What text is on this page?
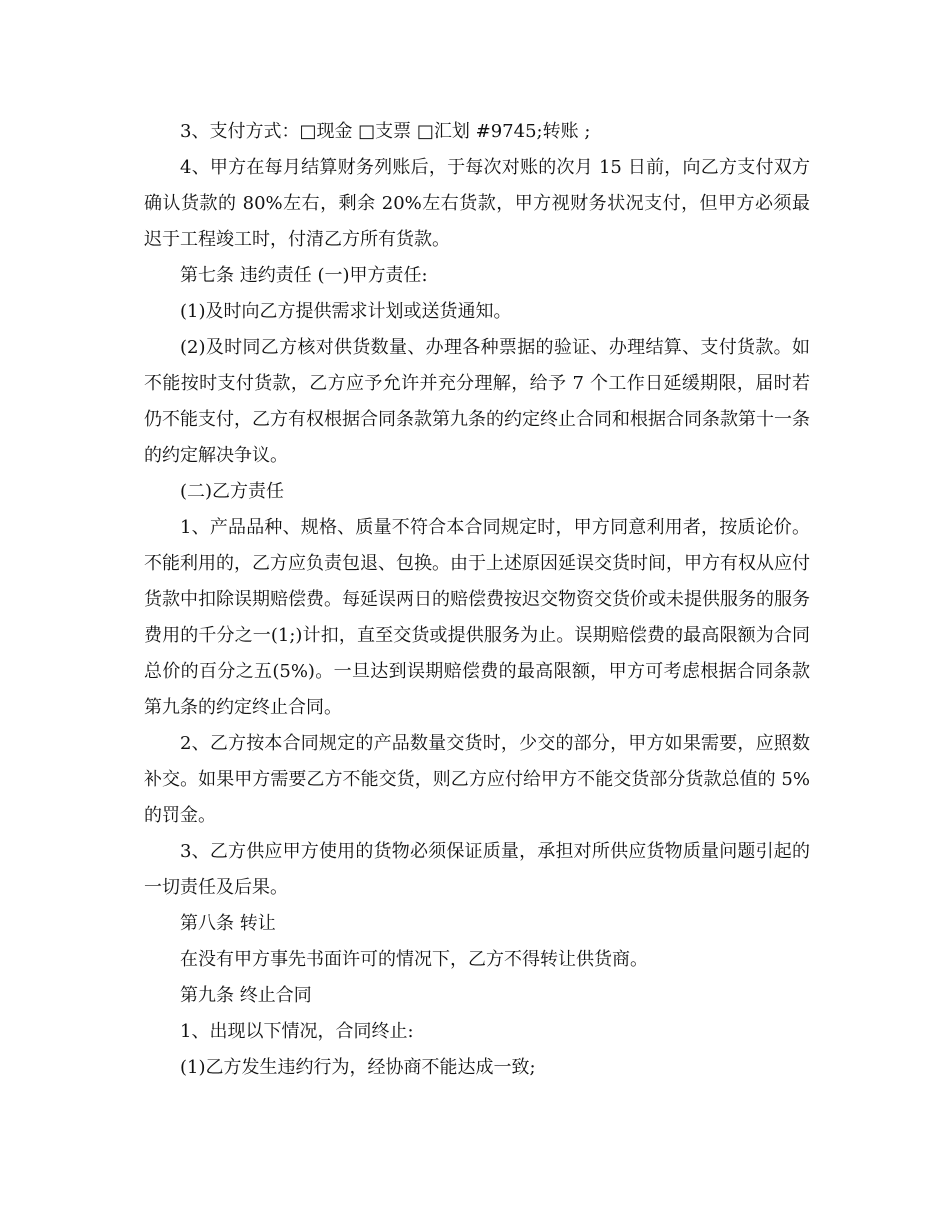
3、支付方式：□现金 □支票 □汇划 #9745;转账 ;

4、甲方在每月结算财务列账后，于每次对账的次月 15 日前，向乙方支付双方确认货款的 80%左右，剩余 20%左右货款，甲方视财务状况支付，但甲方必须最迟于工程竣工时，付清乙方所有货款。

第七条 违约责任 (一)甲方责任:

(1)及时向乙方提供需求计划或送货通知。

(2)及时同乙方核对供货数量、办理各种票据的验证、办理结算、支付货款。如不能按时支付货款，乙方应予允许并充分理解，给予 7 个工作日延缓期限，届时若仍不能支付，乙方有权根据合同条款第九条的约定终止合同和根据合同条款第十一条的约定解决争议。

(二)乙方责任

1、产品品种、规格、质量不符合本合同规定时，甲方同意利用者，按质论价。不能利用的，乙方应负责包退、包换。由于上述原因延误交货时间，甲方有权从应付货款中扣除误期赔偿费。每延误两日的赔偿费按迟交物资交货价或未提供服务的服务费用的千分之一(1;)计扣，直至交货或提供服务为止。误期赔偿费的最高限额为合同总价的百分之五(5%)。一旦达到误期赔偿费的最高限额，甲方可考虑根据合同条款第九条的约定终止合同。

2、乙方按本合同规定的产品数量交货时，少交的部分，甲方如果需要，应照数补交。如果甲方需要乙方不能交货，则乙方应付给甲方不能交货部分货款总值的 5%的罚金。

3、乙方供应甲方使用的货物必须保证质量，承担对所供应货物质量问题引起的一切责任及后果。

第八条 转让

在没有甲方事先书面许可的情况下，乙方不得转让供货商。

第九条 终止合同

1、出现以下情况，合同终止:

(1)乙方发生违约行为，经协商不能达成一致;
